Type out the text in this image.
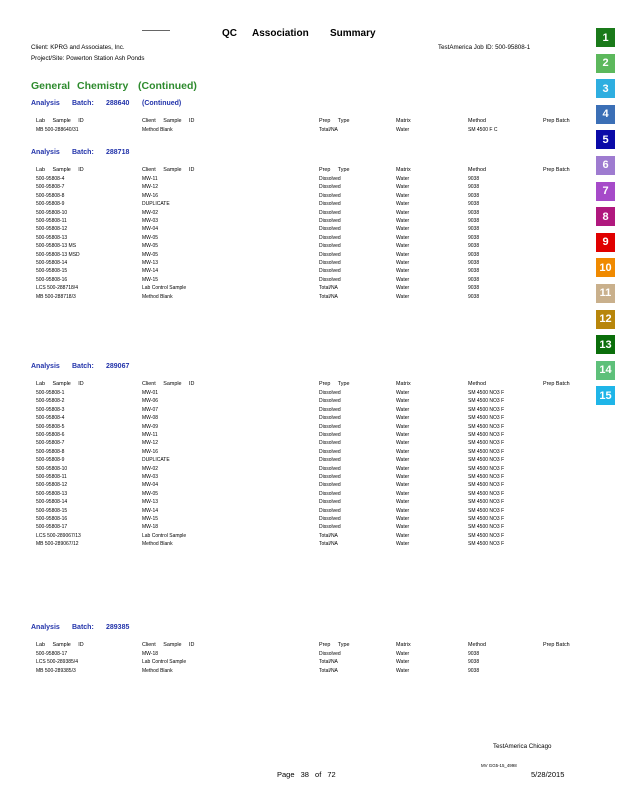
QC	Association	Summary
Client: KPRG and Associates, Inc.
Project/Site: Powerton Station Ash Ponds
TestAmerica Job ID: 500-95808-1
General Chemistry (Continued)
Analysis	Batch:	288640	(Continued)
Lab Sample ID	Client Sample ID	Prep Type	Matrix	Method	Prep Batch
MB 500-288640/31	Method Blank	Total/NA	Water	SM 4500 F C
Analysis	Batch:	288718
Lab Sample ID	Client Sample ID	Prep Type	Matrix	Method	Prep Batch
500-95808-4	MW-11	Dissolved	Water	9038
500-95808-7	MW-12	Dissolved	Water	9038
500-95808-8	MW-16	Dissolved	Water	9038
500-95808-9	DUPLICATE	Dissolved	Water	9038
500-95808-10	MW-02	Dissolved	Water	9038
500-95808-11	MW-03	Dissolved	Water	9038
500-95808-12	MW-04	Dissolved	Water	9038
500-95808-13	MW-05	Dissolved	Water	9038
500-95808-13 MS	MW-05	Dissolved	Water	9038
500-95808-13 MSD	MW-05	Dissolved	Water	9038
500-95808-14	MW-13	Dissolved	Water	9038
500-95808-15	MW-14	Dissolved	Water	9038
500-95808-16	MW-15	Dissolved	Water	9038
LCS 500-288718/4	Lab Control Sample	Total/NA	Water	9038
MB 500-288718/3	Method Blank	Total/NA	Water	9038
Analysis	Batch:	289067
Lab Sample ID	Client Sample ID	Prep Type	Matrix	Method	Prep Batch
500-95808-1	MW-01	Dissolved	Water	SM 4500 NO3 F
500-95808-2	MW-06	Dissolved	Water	SM 4500 NO3 F
500-95808-3	MW-07	Dissolved	Water	SM 4500 NO3 F
500-95808-4	MW-08	Dissolved	Water	SM 4500 NO3 F
500-95808-5	MW-09	Dissolved	Water	SM 4500 NO3 F
500-95808-6	MW-11	Dissolved	Water	SM 4500 NO3 F
500-95808-7	MW-12	Dissolved	Water	SM 4500 NO3 F
500-95808-8	MW-16	Dissolved	Water	SM 4500 NO3 F
500-95808-9	DUPLICATE	Dissolved	Water	SM 4500 NO3 F
500-95808-10	MW-02	Dissolved	Water	SM 4500 NO3 F
500-95808-11	MW-03	Dissolved	Water	SM 4500 NO3 F
500-95808-12	MW-04	Dissolved	Water	SM 4500 NO3 F
500-95808-13	MW-05	Dissolved	Water	SM 4500 NO3 F
500-95808-14	MW-13	Dissolved	Water	SM 4500 NO3 F
500-95808-15	MW-14	Dissolved	Water	SM 4500 NO3 F
500-95808-16	MW-15	Dissolved	Water	SM 4500 NO3 F
500-95808-17	MW-18	Dissolved	Water	SM 4500 NO3 F
LCS 500-289067/13	Lab Control Sample	Total/NA	Water	SM 4500 NO3 F
MB 500-289067/12	Method Blank	Total/NA	Water	SM 4500 NO3 F
Analysis	Batch:	289385
Lab Sample ID	Client Sample ID	Prep Type	Matrix	Method	Prep Batch
500-95808-17	MW-18	Dissolved	Water	9038
LCS 500-289385/4	Lab Control Sample	Total/NA	Water	9038
MB 500-289385/3	Method Blank	Total/NA	Water	9038
1
2
3
4
5
6
7
8
9
10
11
12
13
14
15
TestAmerica Chicago
MV GG5-15_4998
Page 38 of 72	5/28/2015
